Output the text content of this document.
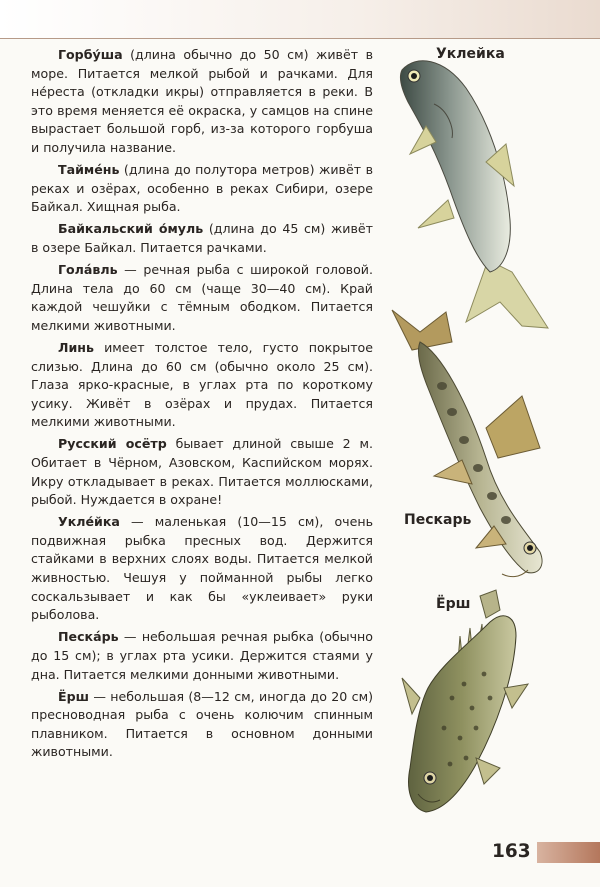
Горбу́ша (длина обычно до 50 см) живёт в море. Питается мелкой рыбой и рачками. Для не́реста (откладки икры) отправляется в реки. В это время меняется её окраска, у самцов на спине вырастает большой горб, из-за которого горбуша и получила название.

Таймéнь (длина до полутора метров) живёт в реках и озёрах, особенно в реках Сибири, озере Байкал. Хищная рыба.

Байкальский о́муль (длина до 45 см) живёт в озере Байкал. Питается рачками.

Голáвль — речная рыба с широкой головой. Длина тела до 60 см (чаще 30—40 см). Край каждой чешуйки с тёмным ободком. Питается мелкими животными.

Линь имеет толстое тело, густо покрытое слизью. Длина до 60 см (обычно около 25 см). Глаза ярко-красные, в углах рта по короткому усику. Живёт в озёрах и прудах. Питается мелкими животными.

Русский осётр бывает длиной свыше 2 м. Обитает в Чёрном, Азовском, Каспийском морях. Икру откладывает в реках. Питается моллюсками, рыбой. Нуждается в охране!

Укле́йка — маленькая (10—15 см), очень подвижная рыбка пресных вод. Держится стайками в верхних слоях воды. Питается мелкой живностью. Чешуя у пойманной рыбы легко соскальзывает и как бы «уклеивает» руки рыболова.

Пескáрь — небольшая речная рыбка (обычно до 15 см); в углах рта усики. Держится стаями у дна. Питается мелкими донными животными.

Ёрш — небольшая (8—12 см, иногда до 20 см) пресноводная рыба с очень колючим спинным плавником. Питается в основном донными животными.

Уклейка
Пескарь
Ёрш
163
